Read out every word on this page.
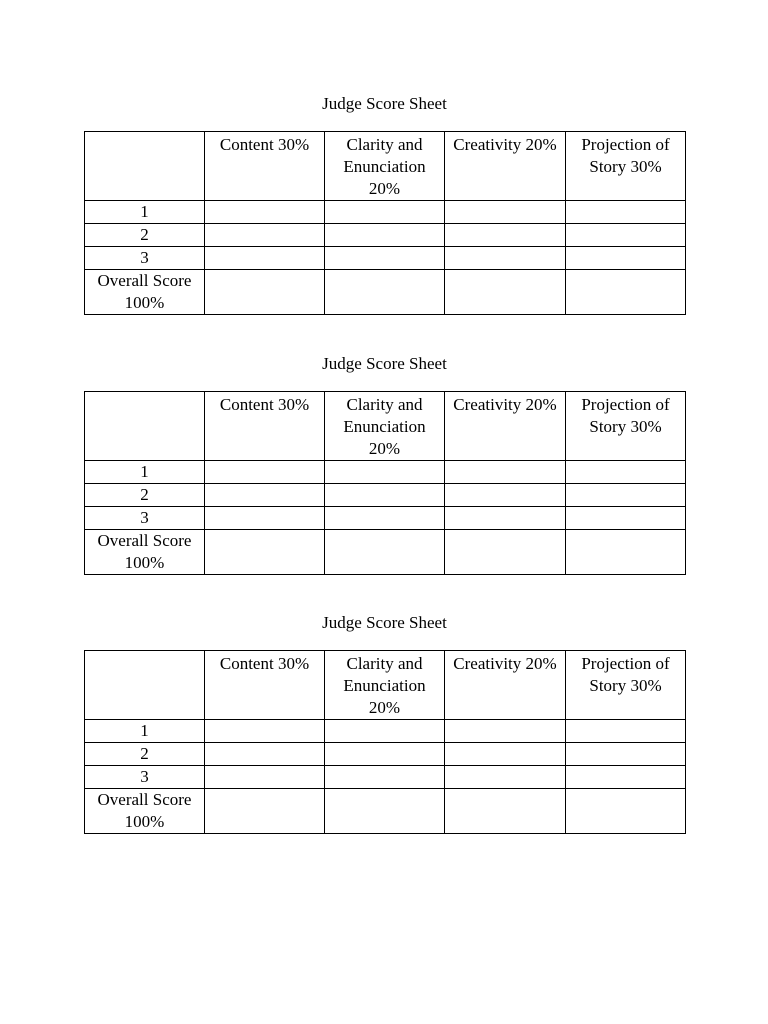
Judge Score Sheet
	Content 30%	Clarity and Enunciation 20%	Creativity 20%	Projection of Story 30%
1				
2				
3				
Overall Score 100%				
Judge Score Sheet
	Content 30%	Clarity and Enunciation 20%	Creativity 20%	Projection of Story 30%
1				
2				
3				
Overall Score 100%				
Judge Score Sheet
	Content 30%	Clarity and Enunciation 20%	Creativity 20%	Projection of Story 30%
1				
2				
3				
Overall Score 100%				
